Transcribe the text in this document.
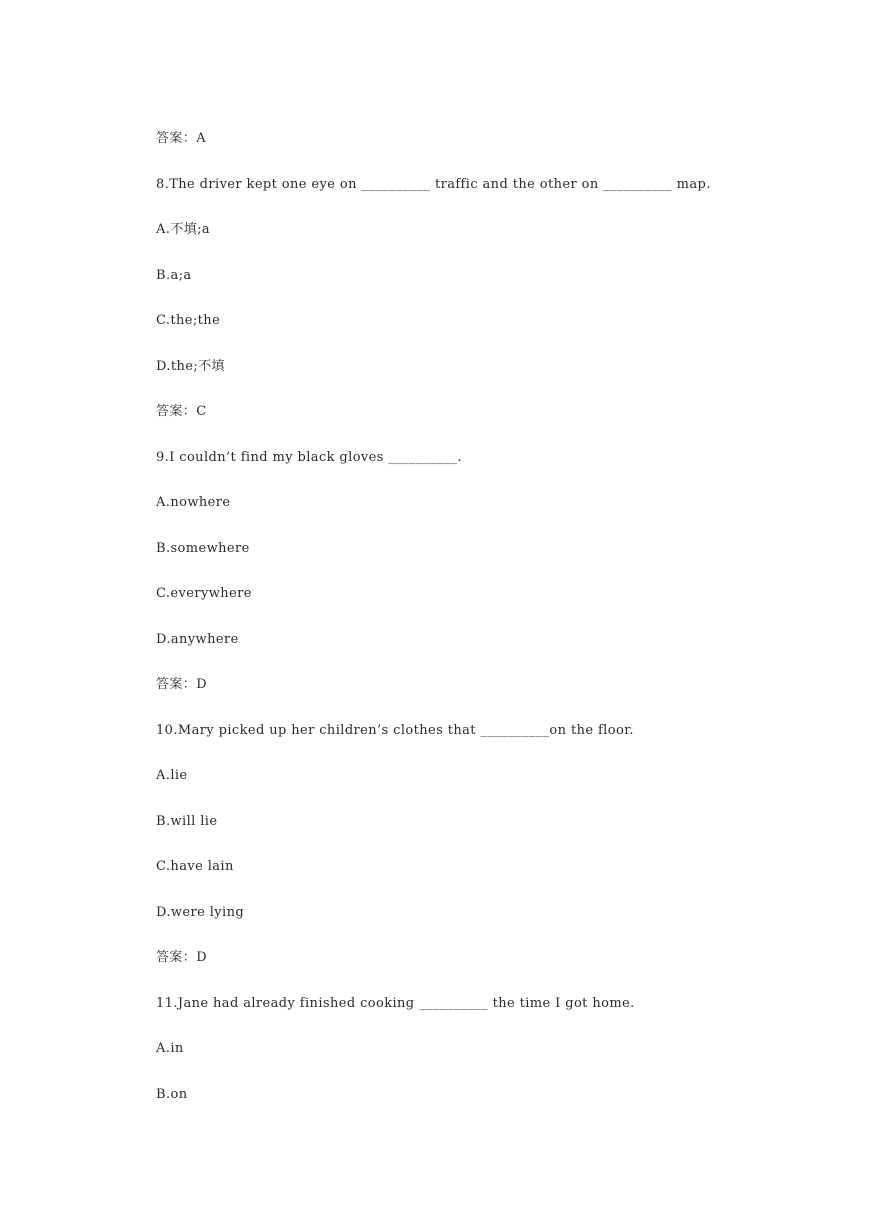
答案：A

8.The driver kept one eye on __________ traffic and the other on __________ map.

A.不填;a

B.a;a

C.the;the

D.the;不填

答案：C

9.I couldn’t find my black gloves __________.

A.nowhere

B.somewhere

C.everywhere

D.anywhere

答案：D

10.Mary picked up her children’s clothes that __________on the floor.

A.lie

B.will lie

C.have lain

D.were lying

答案：D

11.Jane had already finished cooking __________ the time I got home.

A.in

B.on
